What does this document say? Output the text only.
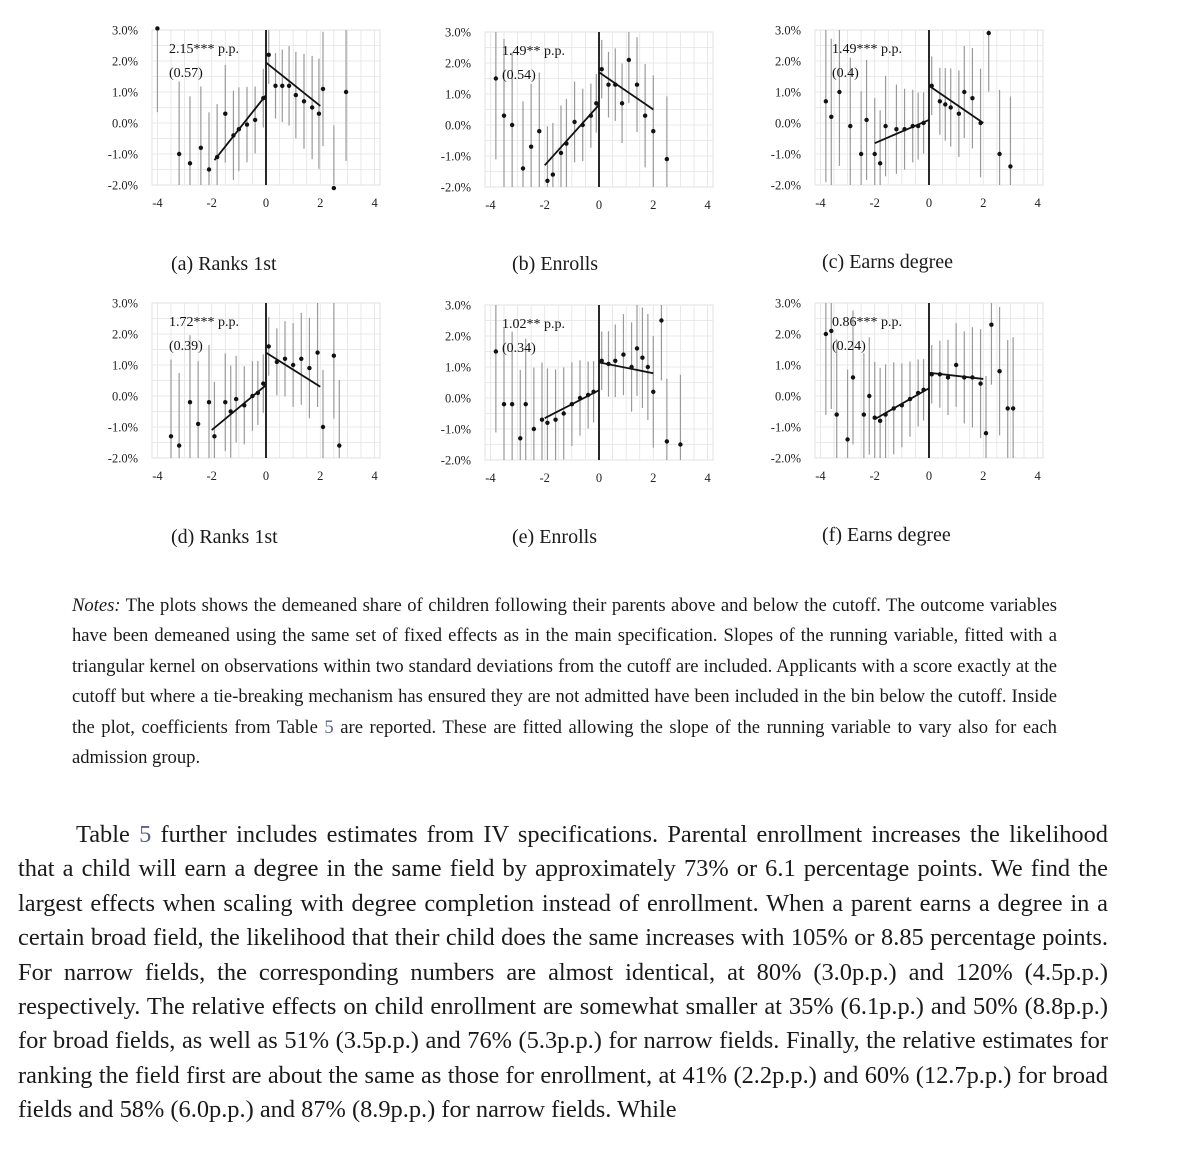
3.0%
2.0%
1.0%
0.0%
-1.0%
-2.0%
-4	-2	0	2	4
2.15*** p.p.
(0.57)
3.0%
2.0%
1.0%
0.0%
-1.0%
-2.0%
-4	-2	0	2	4
1.49** p.p.
(0.54)
3.0%
2.0%
1.0%
0.0%
-1.0%
-2.0%
-4	-2	0	2	4
1.49*** p.p.
(0.4)
3.0%
2.0%
1.0%
0.0%
-1.0%
-2.0%
-4	-2	0	2	4
1.72*** p.p.
(0.39)
3.0%
2.0%
1.0%
0.0%
-1.0%
-2.0%
-4	-2	0	2	4
1.02** p.p.
(0.34)
3.0%
2.0%
1.0%
0.0%
-1.0%
-2.0%
-4	-2	0	2	4
0.86*** p.p.
(0.24)
(a) Ranks 1st	(b) Enrolls	(c) Earns degree
(d) Ranks 1st	(e) Enrolls	(f) Earns degree
Notes: The plots shows the demeaned share of children following their parents above and below the cutoff. The outcome variables have been demeaned using the same set of fixed effects as in the main specification. Slopes of the running variable, fitted with a triangular kernel on observations within two standard deviations from the cutoff are included. Applicants with a score exactly at the cutoff but where a tie-breaking mechanism has ensured they are not admitted have been included in the bin below the cutoff. Inside the plot, coefficients from Table 5 are reported. These are fitted allowing the slope of the running variable to vary also for each admission group.

Table 5 further includes estimates from IV specifications. Parental enrollment increases the likelihood that a child will earn a degree in the same field by approximately 73% or 6.1 percentage points. We find the largest effects when scaling with degree completion instead of enrollment. When a parent earns a degree in a certain broad field, the likelihood that their child does the same increases with 105% or 8.85 percentage points. For narrow fields, the corresponding numbers are almost identical, at 80% (3.0p.p.) and 120% (4.5p.p.) respectively. The relative effects on child enrollment are somewhat smaller at 35% (6.1p.p.) and 50% (8.8p.p.) for broad fields, as well as 51% (3.5p.p.) and 76% (5.3p.p.) for narrow fields. Finally, the relative estimates for ranking the field first are about the same as those for enrollment, at 41% (2.2p.p.) and 60% (12.7p.p.) for broad fields and 58% (6.0p.p.) and 87% (8.9p.p.) for narrow fields. While
